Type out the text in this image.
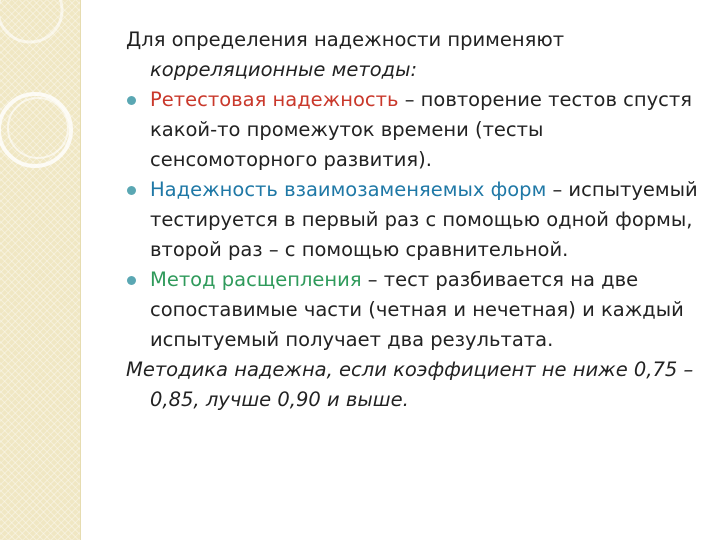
Для определения надежности применяют корреляционные методы:

Ретестовая надежность – повторение тестов спустя какой-то промежуток времени (тесты сенсомоторного развития).

Надежность взаимозаменяемых форм – испытуемый тестируется в первый раз с помощью одной формы, второй раз – с помощью сравнительной.

Метод расщепления – тест разбивается на две сопоставимые части (четная и нечетная) и каждый испытуемый получает два результата.

Методика надежна, если коэффициент не ниже 0,75 – 0,85, лучше 0,90 и выше.
